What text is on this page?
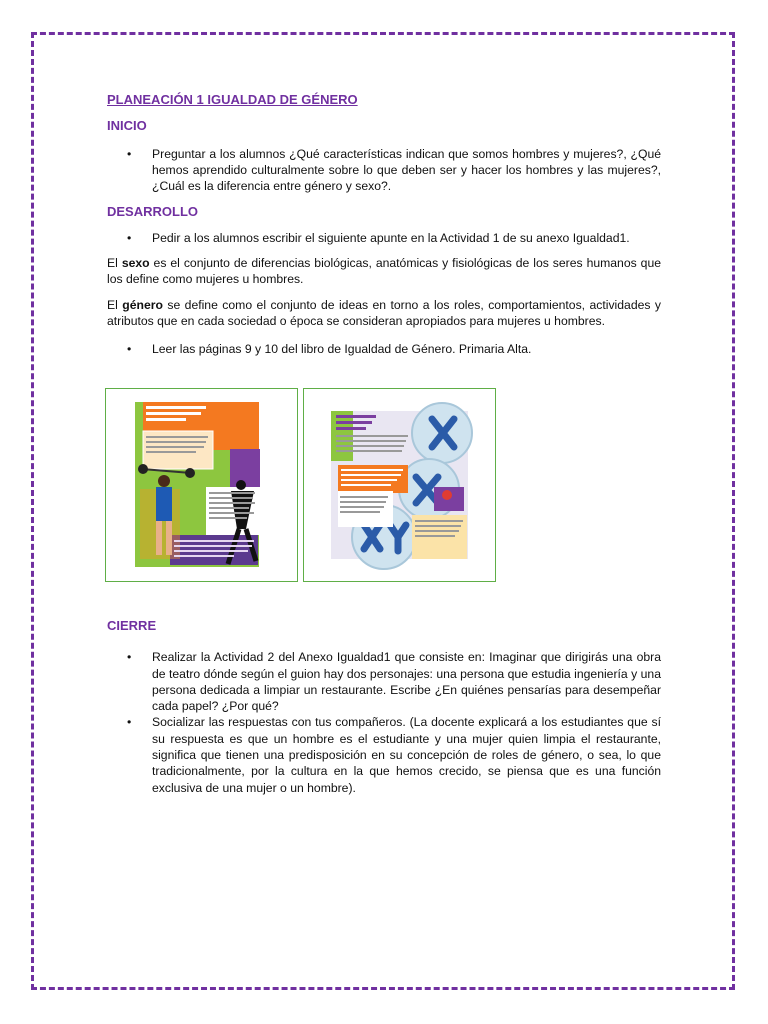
PLANEACIÓN 1 IGUALDAD DE GÉNERO

INICIO

• Preguntar a los alumnos ¿Qué características indican que somos hombres y mujeres?, ¿Qué hemos aprendido culturalmente sobre lo que deben ser y hacer los hombres y las mujeres?, ¿Cuál es la diferencia entre género y sexo?.

DESARROLLO

• Pedir a los alumnos escribir el siguiente apunte en la Actividad 1 de su anexo Igualdad1.

El sexo es el conjunto de diferencias biológicas, anatómicas y fisiológicas de los seres humanos que los define como mujeres u hombres.

El género se define como el conjunto de ideas en torno a los roles, comportamientos, actividades y atributos que en cada sociedad o época se consideran apropiados para mujeres u hombres.

• Leer las páginas 9 y 10 del libro de Igualdad de Género. Primaria Alta.

CIERRE

• Realizar la Actividad 2 del Anexo Igualdad1 que consiste en: Imaginar que dirigirás una obra de teatro dónde según el guion hay dos personajes: una persona que estudia ingeniería y una persona dedicada a limpiar un restaurante. Escribe ¿En quiénes pensarías para desempeñar cada papel? ¿Por qué?
• Socializar las respuestas con tus compañeros. (La docente explicará a los estudiantes que sí su respuesta es que un hombre es el estudiante y una mujer quien limpia el restaurante, significa que tienen una predisposición en su concepción de roles de género, o sea, lo que tradicionalmente, por la cultura en la que hemos crecido, se piensa que es una función exclusiva de una mujer o un hombre).
